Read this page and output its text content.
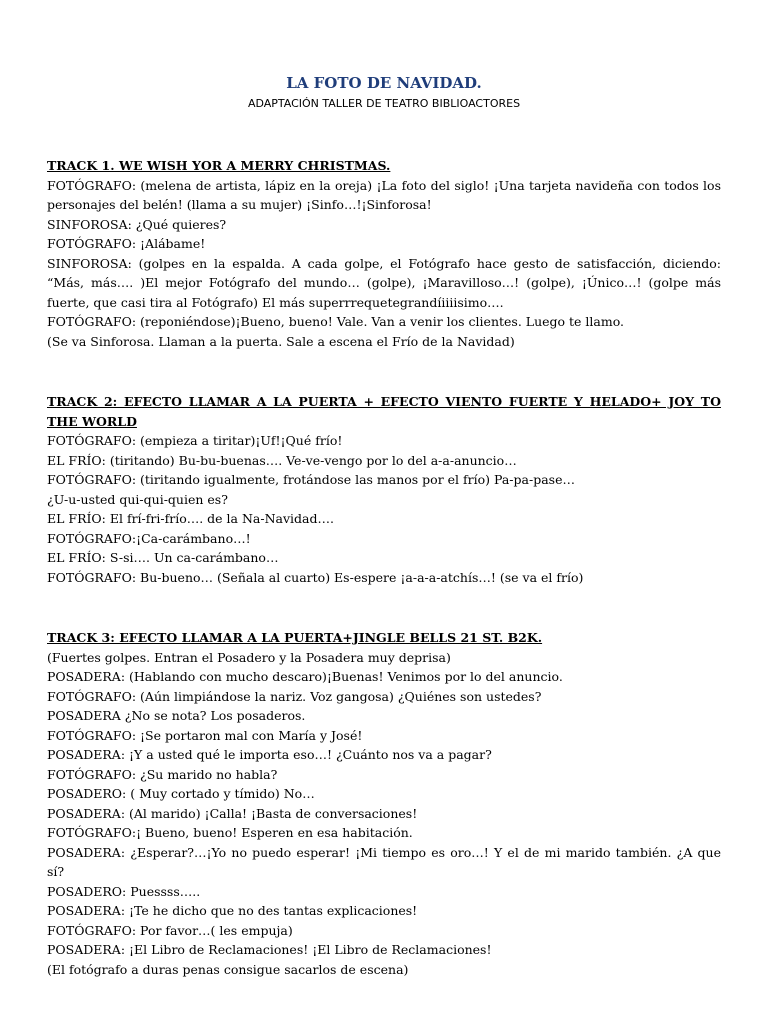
LA FOTO DE NAVIDAD.
ADAPTACIÓN TALLER DE TEATRO BIBLIOACTORES

TRACK 1. WE WISH YOR A MERRY CHRISTMAS.

FOTÓGRAFO: (melena de artista, lápiz en la oreja) ¡La foto del siglo! ¡Una tarjeta navideña con todos los personajes del belén! (llama a su mujer) ¡Sinfo…!¡Sinforosa!

SINFOROSA: ¿Qué quieres?

FOTÓGRAFO: ¡Alábame!

SINFOROSA: (golpes en la espalda. A cada golpe, el Fotógrafo hace gesto de satisfacción, diciendo: “Más, más…. )El mejor Fotógrafo del mundo… (golpe), ¡Maravilloso…! (golpe), ¡Único…! (golpe más fuerte, que casi tira al Fotógrafo) El más superrrequetegrandíiiiisimo….

FOTÓGRAFO: (reponiéndose)¡Bueno, bueno! Vale. Van a venir los clientes. Luego te llamo.

(Se va Sinforosa. Llaman a la puerta. Sale a escena el Frío de la Navidad)

TRACK 2: EFECTO LLAMAR A LA PUERTA + EFECTO VIENTO FUERTE Y HELADO+ JOY TO THE WORLD

FOTÓGRAFO: (empieza a tiritar)¡Uf!¡Qué frío!

EL FRÍO: (tiritando) Bu-bu-buenas…. Ve-ve-vengo por lo del a-a-anuncio…

FOTÓGRAFO: (tiritando igualmente, frotándose las manos por el frío) Pa-pa-pase…

¿U-u-usted qui-qui-quien es?

EL FRÍO: El frí-fri-frío…. de la Na-Navidad….

FOTÓGRAFO:¡Ca-carámbano…!

EL FRÍO: S-si…. Un ca-carámbano…

FOTÓGRAFO: Bu-bueno… (Señala al cuarto) Es-espere ¡a-a-a-atchís…! (se va el frío)

TRACK 3: EFECTO LLAMAR A LA PUERTA+JINGLE BELLS 21 ST. B2K.

(Fuertes golpes. Entran el Posadero y la Posadera muy deprisa)

POSADERA: (Hablando con mucho descaro)¡Buenas! Venimos por lo del anuncio.

FOTÓGRAFO: (Aún limpiándose la nariz. Voz gangosa) ¿Quiénes son ustedes?

POSADERA ¿No se nota? Los posaderos.

FOTÓGRAFO: ¡Se portaron mal con María y José!

POSADERA: ¡Y a usted qué le importa eso…! ¿Cuánto nos va a pagar?

FOTÓGRAFO: ¿Su marido no habla?

POSADERO: ( Muy cortado y tímido) No…

POSADERA: (Al marido) ¡Calla! ¡Basta de conversaciones!

FOTÓGRAFO:¡ Bueno, bueno! Esperen en esa habitación.

POSADERA: ¿Esperar?…¡Yo no puedo esperar! ¡Mi tiempo es oro…! Y el de mi marido también. ¿A que sí?

POSADERO: Puessss…..

POSADERA: ¡Te he dicho que no des tantas explicaciones!

FOTÓGRAFO: Por favor…( les empuja)

POSADERA: ¡El Libro de Reclamaciones! ¡El Libro de Reclamaciones!

(El fotógrafo a duras penas consigue sacarlos de escena)
